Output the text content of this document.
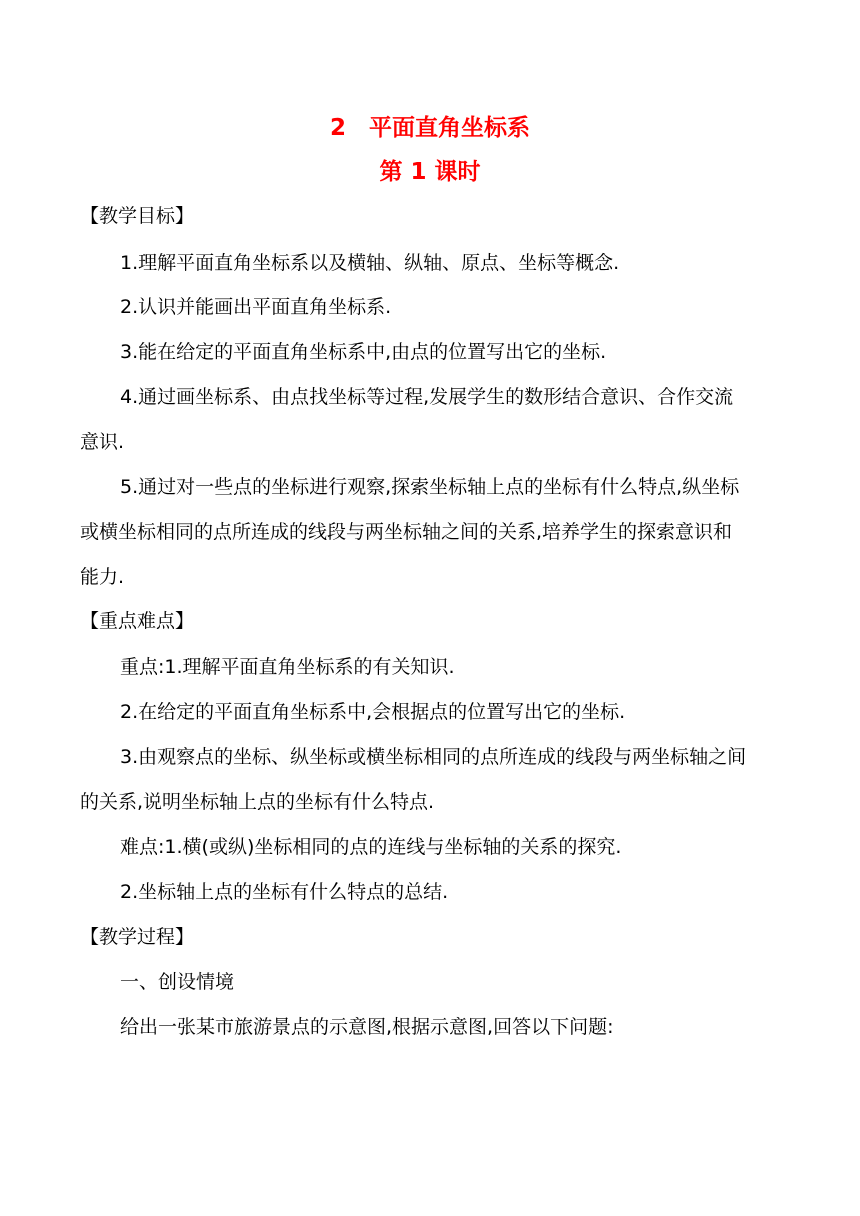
2　平面直角坐标系
第 1 课时
【教学目标】
1.理解平面直角坐标系以及横轴、纵轴、原点、坐标等概念.
2.认识并能画出平面直角坐标系.
3.能在给定的平面直角坐标系中,由点的位置写出它的坐标.
4.通过画坐标系、由点找坐标等过程,发展学生的数形结合意识、合作交流
意识.
5.通过对一些点的坐标进行观察,探索坐标轴上点的坐标有什么特点,纵坐标
或横坐标相同的点所连成的线段与两坐标轴之间的关系,培养学生的探索意识和
能力.
【重点难点】
重点:1.理解平面直角坐标系的有关知识.
2.在给定的平面直角坐标系中,会根据点的位置写出它的坐标.
3.由观察点的坐标、纵坐标或横坐标相同的点所连成的线段与两坐标轴之间
的关系,说明坐标轴上点的坐标有什么特点.
难点:1.横(或纵)坐标相同的点的连线与坐标轴的关系的探究.
2.坐标轴上点的坐标有什么特点的总结.
【教学过程】
一、创设情境
给出一张某市旅游景点的示意图,根据示意图,回答以下问题:
